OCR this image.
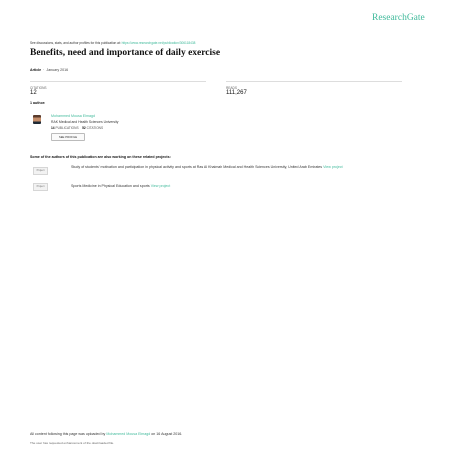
ResearchGate
See discussions, stats, and author profiles for this publication at: https://www.researchgate.net/publication/306118438
Benefits, need and importance of daily exercise
Article  ·  January 2016
CITATIONS
12
READS
111,267
1 author:
Mohammed Mousa Elmagd
RAK Medical and Health Sciences University
14 PUBLICATIONS 52 CITATIONS
SEE PROFILE
Some of the authors of this publication are also working on these related projects:
Project
Study of students' motivation and participation in physical activity and sports at Ras Al Khaimah Medical and Health Sciences University, United Arab Emirates View project
Project	Sports Medicine in Physical Education and sports View project
All content following this page was uploaded by Mohammed Mousa Elmagd on 16 August 2016.
The user has requested enhancement of the downloaded file.
